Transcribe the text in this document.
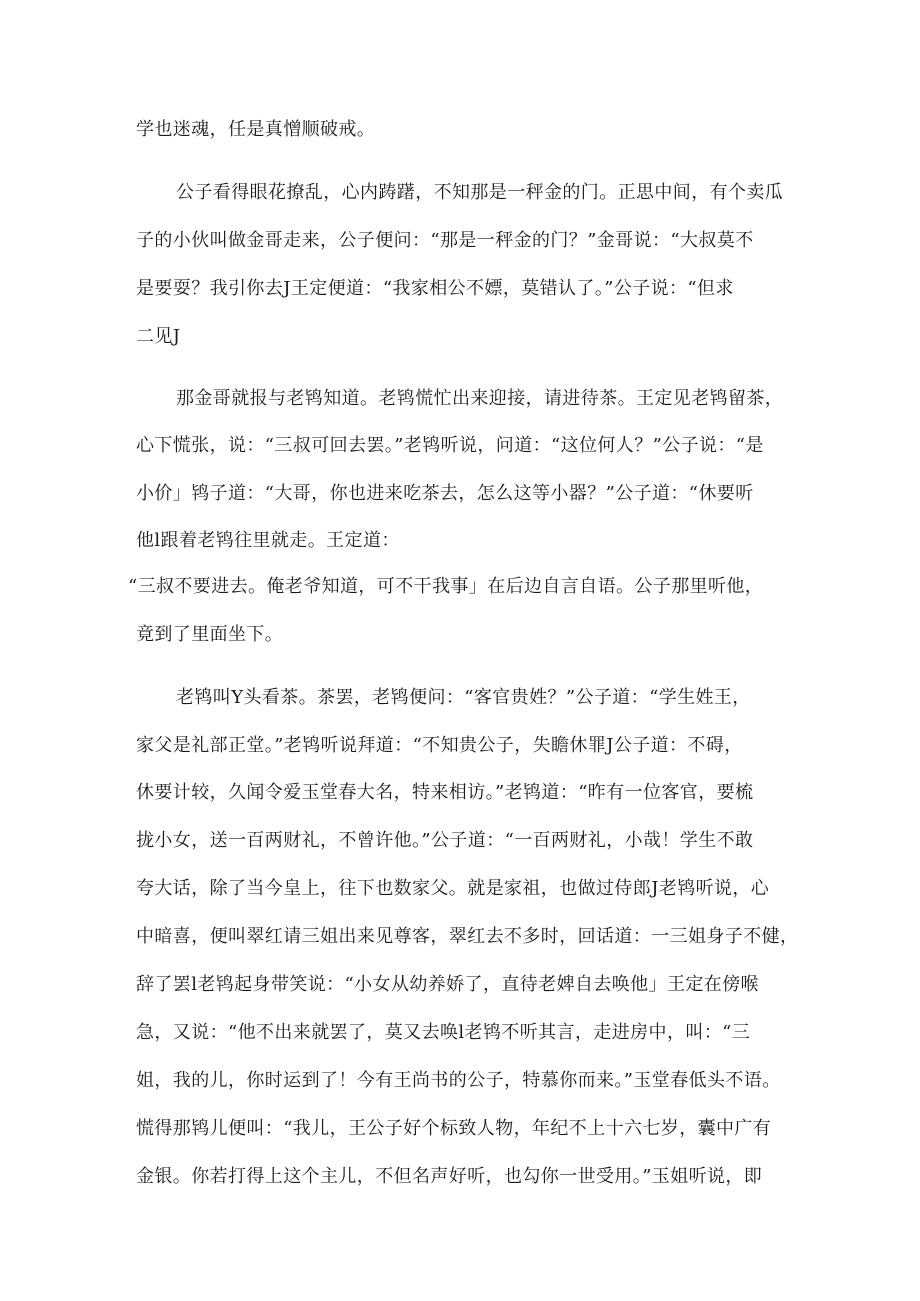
学也迷魂，任是真憎顺破戒。
公子看得眼花撩乱，心内踌躇，不知那是一秤金的门。正思中间，有个卖瓜
子的小伙叫做金哥走来，公子便问：“那是一秤金的门？”金哥说：“大叔莫不
是要耍？我引你去J王定便道：“我家相公不嫖，莫错认了。”公子说：“但求
二见J
那金哥就报与老鸨知道。老鸨慌忙出来迎接，请进待茶。王定见老鸨留茶，
心下慌张，说：“三叔可回去罢。”老鸨听说，问道：“这位何人？”公子说：“是
小价」鸨子道：“大哥，你也进来吃茶去，怎么这等小器？”公子道：“休要听
他l跟着老鸨往里就走。王定道：
“三叔不要进去。俺老爷知道，可不干我事」在后边自言自语。公子那里听他，
竟到了里面坐下。
老鸨叫Y头看茶。茶罢，老鸨便问：“客官贵姓？”公子道：“学生姓王，
家父是礼部正堂。”老鸨听说拜道：“不知贵公子，失瞻休罪J公子道：不碍，
休要计较，久闻令爱玉堂春大名，特来相访。”老鸨道：“昨有一位客官，要梳
拢小女，送一百两财礼，不曾许他。”公子道：“一百两财礼，小哉！学生不敢
夸大话，除了当今皇上，往下也数家父。就是家祖，也做过侍郎J老鸨听说，心
中暗喜，便叫翠红请三姐出来见尊客，翠红去不多时，回话道：一三姐身子不健，
辞了罢l老鸨起身带笑说：“小女从幼养娇了，直待老婢自去唤他」王定在傍喉
急，又说：“他不出来就罢了，莫又去唤l老鸨不听其言，走进房中，叫：“三
姐，我的儿，你时运到了！今有王尚书的公子，特慕你而来。”玉堂春低头不语。
慌得那鸨儿便叫：“我儿，王公子好个标致人物，年纪不上十六七岁，囊中广有
金银。你若打得上这个主儿，不但名声好听，也勾你一世受用。”玉姐听说，即
